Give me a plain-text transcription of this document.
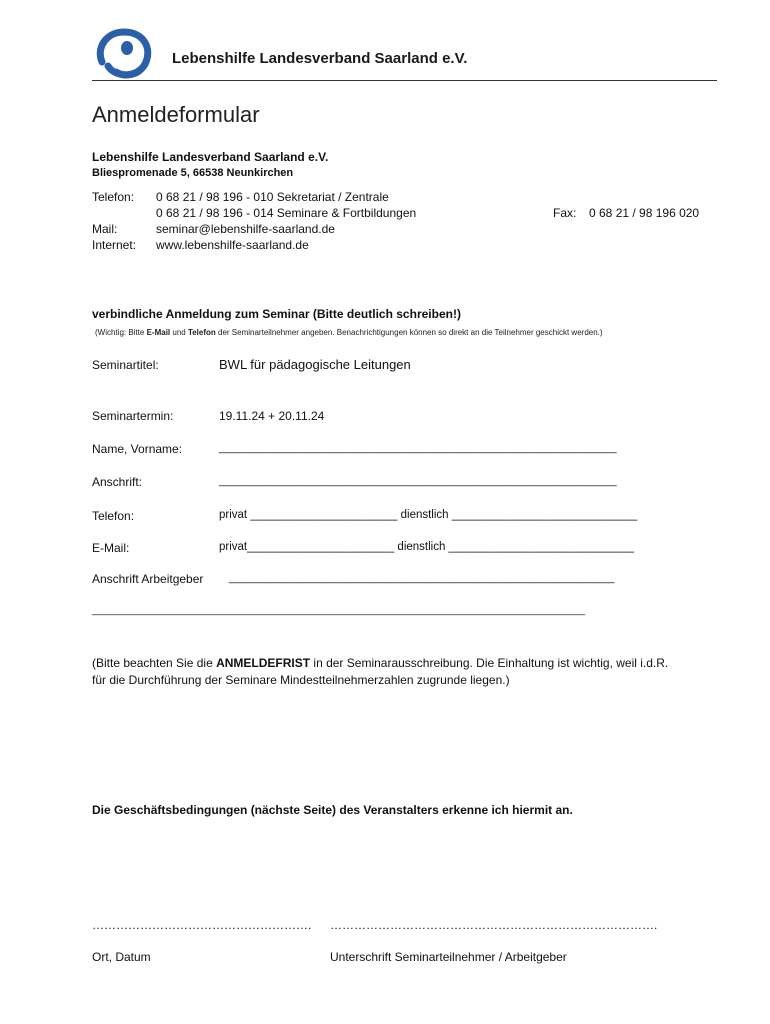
Lebenshilfe Landesverband Saarland e.V.
Anmeldeformular
Lebenshilfe Landesverband Saarland e.V.
Bliespromenade 5, 66538 Neunkirchen
Telefon: 0 68 21 / 98 196 - 010 Sekretariat / Zentrale
0 68 21 / 98 196 - 014 Seminare & Fortbildungen	Fax: 0 68 21 / 98 196 020
Mail:	seminar@lebenshilfe-saarland.de
Internet: www.lebenshilfe-saarland.de
verbindliche Anmeldung zum Seminar (Bitte deutlich schreiben!)
(Wichtig: Bitte E-Mail und Telefon der Seminarteilnehmer angeben. Benachrichtigungen können so direkt an die Teilnehmer geschickt werden.)
Seminartitel:	BWL für pädagogische Leitungen
Seminartermin:	19.11.24 + 20.11.24
Name, Vorname:	_________________________________________________________________
Anschrift:	_________________________________________________________________
Telefon:	privat _______________________ dienstlich _____________________________
E-Mail:	privat_______________________ dienstlich _____________________________
Anschrift Arbeitgeber _______________________________________________________________
_______________________________________________________________________________________
(Bitte beachten Sie die ANMELDEFRIST in der Seminarausschreibung. Die Einhaltung ist wichtig, weil i.d.R.
für die Durchführung der Seminare Mindestteilnehmerzahlen zugrunde liegen.)
Die Geschäftsbedingungen (nächste Seite) des Veranstalters erkenne ich hiermit an.
………………………………………………. ……………………………………………………………………….
Ort, Datum	Unterschrift Seminarteilnehmer / Arbeitgeber
